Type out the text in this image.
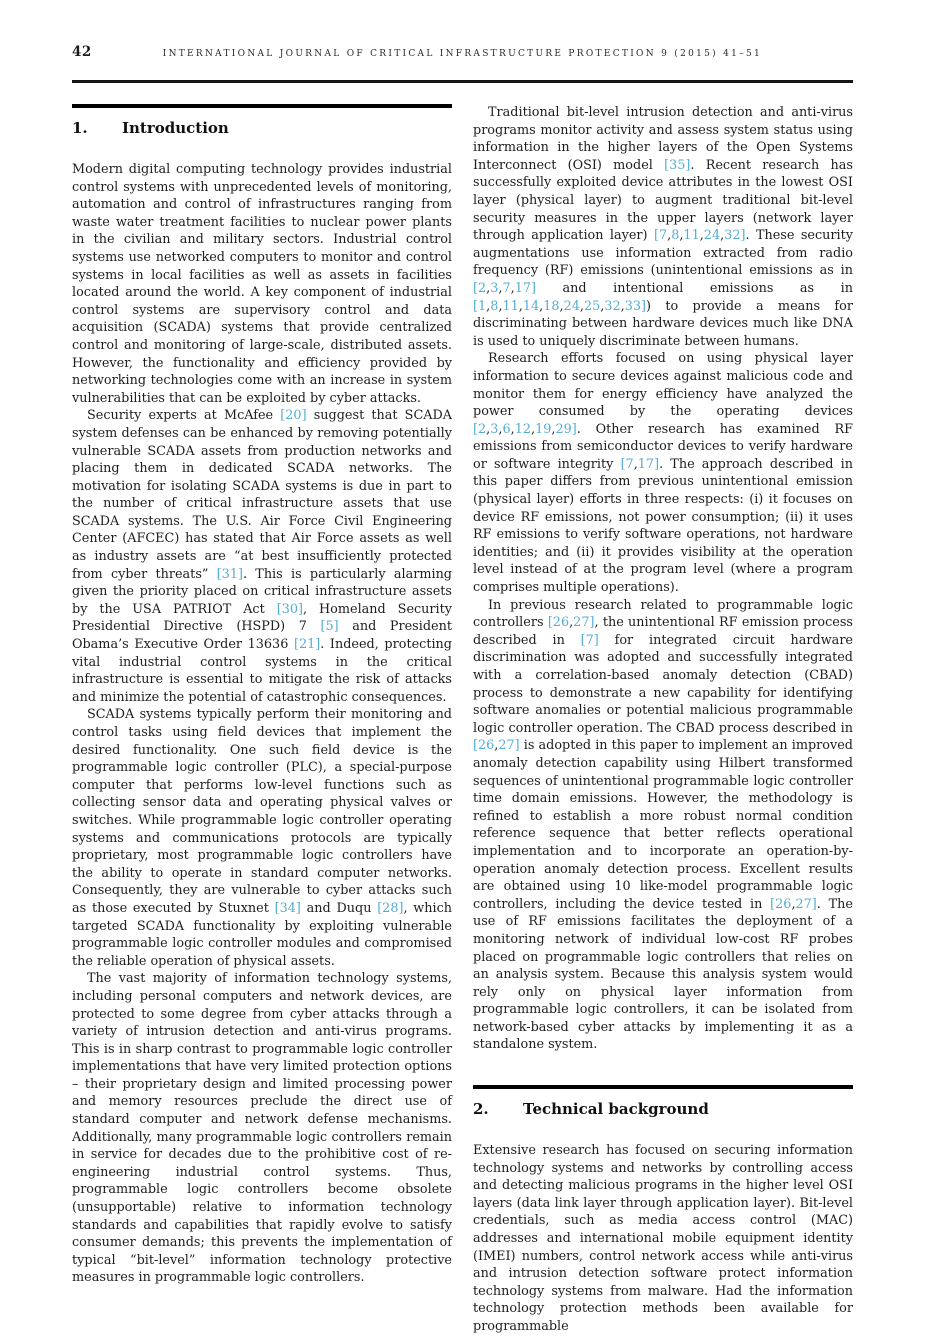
42	INTERNATIONAL JOURNAL OF CRITICAL INFRASTRUCTURE PROTECTION 9 (2015) 41–51
1.	Introduction

Modern digital computing technology provides industrial control systems with unprecedented levels of monitoring, automation and control of infrastructures ranging from waste water treatment facilities to nuclear power plants in the civilian and military sectors. Industrial control systems use networked computers to monitor and control systems in local facilities as well as assets in facilities located around the world. A key component of industrial control systems are supervisory control and data acquisition (SCADA) systems that provide centralized control and monitoring of large-scale, distributed assets. However, the functionality and efficiency provided by networking technologies come with an increase in system vulnerabilities that can be exploited by cyber attacks.

Security experts at McAfee [20] suggest that SCADA system defenses can be enhanced by removing potentially vulnerable SCADA assets from production networks and placing them in dedicated SCADA networks. The motivation for isolating SCADA systems is due in part to the number of critical infrastructure assets that use SCADA systems. The U.S. Air Force Civil Engineering Center (AFCEC) has stated that Air Force assets as well as industry assets are “at best insufficiently protected from cyber threats” [31]. This is particularly alarming given the priority placed on critical infrastructure assets by the USA PATRIOT Act [30], Homeland Security Presidential Directive (HSPD) 7 [5] and President Obama’s Executive Order 13636 [21]. Indeed, protecting vital industrial control systems in the critical infrastructure is essential to mitigate the risk of attacks and minimize the potential of catastrophic consequences.

SCADA systems typically perform their monitoring and control tasks using field devices that implement the desired functionality. One such field device is the programmable logic controller (PLC), a special-purpose computer that performs low-level functions such as collecting sensor data and operating physical valves or switches. While programmable logic controller operating systems and communications protocols are typically proprietary, most programmable logic controllers have the ability to operate in standard computer networks. Consequently, they are vulnerable to cyber attacks such as those executed by Stuxnet [34] and Duqu [28], which targeted SCADA functionality by exploiting vulnerable programmable logic controller modules and compromised the reliable operation of physical assets.

The vast majority of information technology systems, including personal computers and network devices, are protected to some degree from cyber attacks through a variety of intrusion detection and anti-virus programs. This is in sharp contrast to programmable logic controller implementations that have very limited protection options – their proprietary design and limited processing power and memory resources preclude the direct use of standard computer and network defense mechanisms. Additionally, many programmable logic controllers remain in service for decades due to the prohibitive cost of re-engineering industrial control systems. Thus, programmable logic controllers become obsolete (unsupportable) relative to information technology standards and capabilities that rapidly evolve to satisfy consumer demands; this prevents the implementation of typical “bit-level” information technology protective measures in programmable logic controllers.

Traditional bit-level intrusion detection and anti-virus programs monitor activity and assess system status using information in the higher layers of the Open Systems Interconnect (OSI) model [35]. Recent research has successfully exploited device attributes in the lowest OSI layer (physical layer) to augment traditional bit-level security measures in the upper layers (network layer through application layer) [7,8,11,24,32]. These security augmentations use information extracted from radio frequency (RF) emissions (unintentional emissions as in [2,3,7,17] and intentional emissions as in [1,8,11,14,18,24,25,32,33]) to provide a means for discriminating between hardware devices much like DNA is used to uniquely discriminate between humans.

Research efforts focused on using physical layer information to secure devices against malicious code and monitor them for energy efficiency have analyzed the power consumed by the operating devices [2,3,6,12,19,29]. Other research has examined RF emissions from semiconductor devices to verify hardware or software integrity [7,17]. The approach described in this paper differs from previous unintentional emission (physical layer) efforts in three respects: (i) it focuses on device RF emissions, not power consumption; (ii) it uses RF emissions to verify software operations, not hardware identities; and (ii) it provides visibility at the operation level instead of at the program level (where a program comprises multiple operations).

In previous research related to programmable logic controllers [26,27], the unintentional RF emission process described in [7] for integrated circuit hardware discrimination was adopted and successfully integrated with a correlation-based anomaly detection (CBAD) process to demonstrate a new capability for identifying software anomalies or potential malicious programmable logic controller operation. The CBAD process described in [26,27] is adopted in this paper to implement an improved anomaly detection capability using Hilbert transformed sequences of unintentional programmable logic controller time domain emissions. However, the methodology is refined to establish a more robust normal condition reference sequence that better reflects operational implementation and to incorporate an operation-by-operation anomaly detection process. Excellent results are obtained using 10 like-model programmable logic controllers, including the device tested in [26,27]. The use of RF emissions facilitates the deployment of a monitoring network of individual low-cost RF probes placed on programmable logic controllers that relies on an analysis system. Because this analysis system would rely only on physical layer information from programmable logic controllers, it can be isolated from network-based cyber attacks by implementing it as a standalone system.

2.	Technical background

Extensive research has focused on securing information technology systems and networks by controlling access and detecting malicious programs in the higher level OSI layers (data link layer through application layer). Bit-level credentials, such as media access control (MAC) addresses and international mobile equipment identity (IMEI) numbers, control network access while anti-virus and intrusion detection software protect information technology systems from malware. Had the information technology protection methods been available for programmable
